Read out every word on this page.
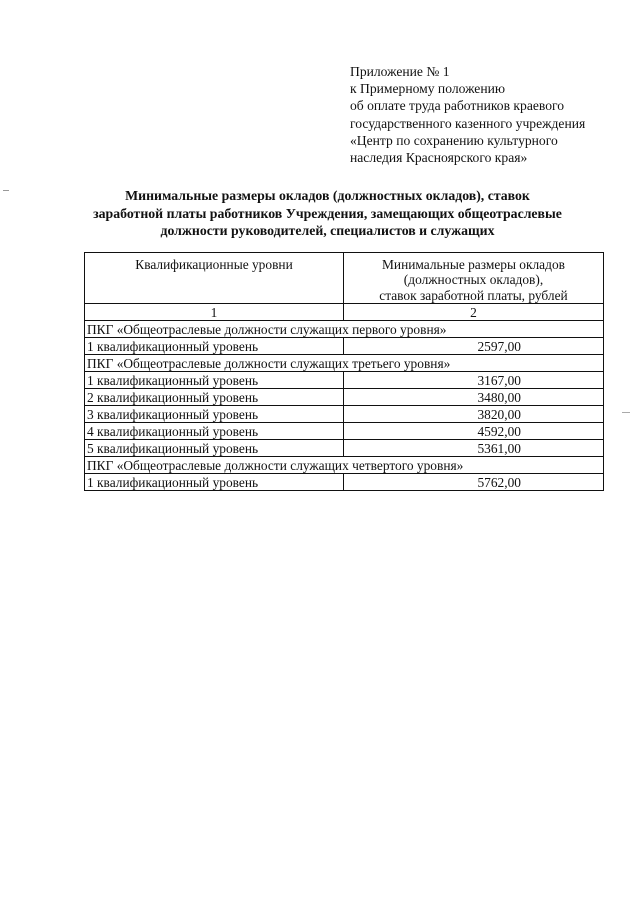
Приложение № 1
к Примерному положению
об оплате труда работников краевого
государственного казенного учреждения
«Центр по сохранению культурного
наследия Красноярского края»
Минимальные размеры окладов (должностных окладов), ставок
заработной платы работников Учреждения, замещающих общеотраслевые
должности руководителей, специалистов и служащих
Квалификационные уровни	Минимальные размеры окладов
(должностных окладов),
ставок заработной платы, рублей

1	2
ПКГ «Общеотраслевые должности служащих первого уровня»	
1 квалификационный уровень	2597,00
ПКГ «Общеотраслевые должности служащих третьего уровня»	
1 квалификационный уровень	3167,00
2 квалификационный уровень	3480,00
3 квалификационный уровень	3820,00
4 квалификационный уровень	4592,00
5 квалификационный уровень	5361,00
ПКГ «Общеотраслевые должности служащих четвертого уровня»	
1 квалификационный уровень	5762,00
